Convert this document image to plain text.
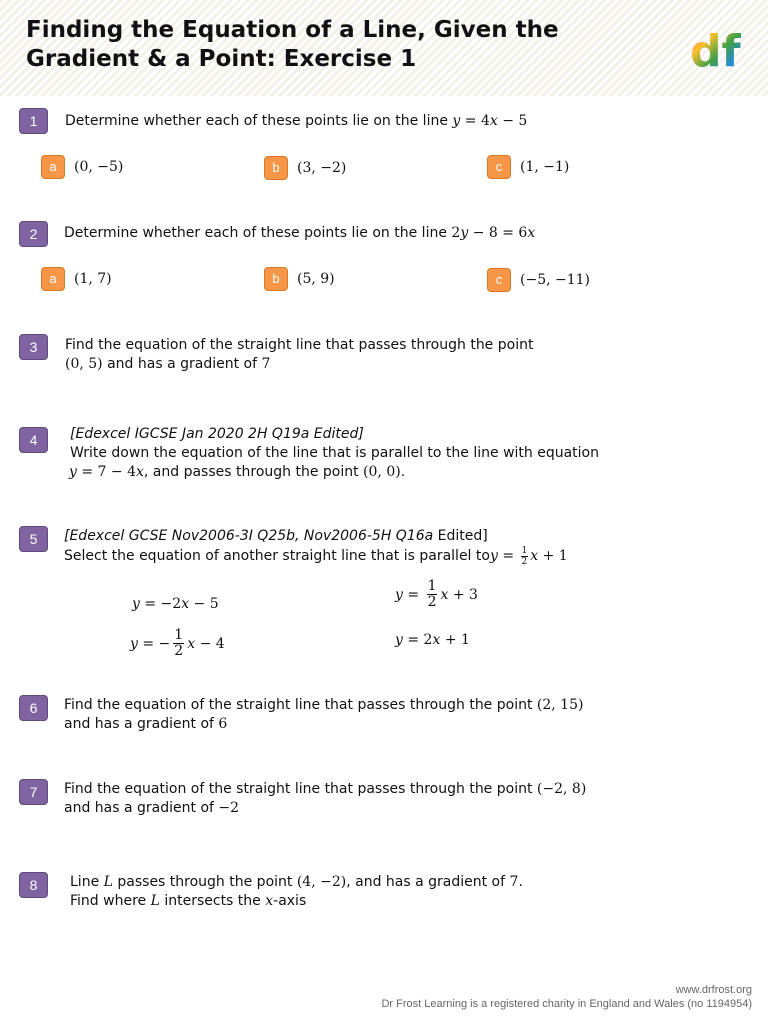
Finding the Equation of a Line, Given the
Gradient & a Point: Exercise 1	df
1	Determine whether each of these points lie on the line y = 4x − 5
a	(0, −5)	b	(3, −2)	c	(1, −1)
2	Determine whether each of these points lie on the line 2y − 8 = 6x
a	(1, 7)	b	(5, 9)	c	(−5, −11)
3	Find the equation of the straight line that passes through the point
(0, 5) and has a gradient of 7
4	[Edexcel IGCSE Jan 2020 2H Q19a Edited]
Write down the equation of the line that is parallel to the line with equation
y = 7 − 4x, and passes through the point (0, 0).
5	[Edexcel GCSE Nov2006-3I Q25b, Nov2006-5H Q16a Edited]
Select the equation of another straight line that is parallel to $y = \frac{1}{2}$ x + 1
y = −2x − 5
$y = \frac{1}{2}$ x + 3
y = − $\frac{1}{2}$ x − 4	y = 2x + 1
6	Find the equation of the straight line that passes through the point (2, 15)
and has a gradient of 6
7	Find the equation of the straight line that passes through the point (−2, 8)
and has a gradient of −2
8	Line L passes through the point (4, −2), and has a gradient of 7.
Find where L intersects the x-axis
www.drfrost.org
Dr Frost Learning is a registered charity in England and Wales (no 1194954)
